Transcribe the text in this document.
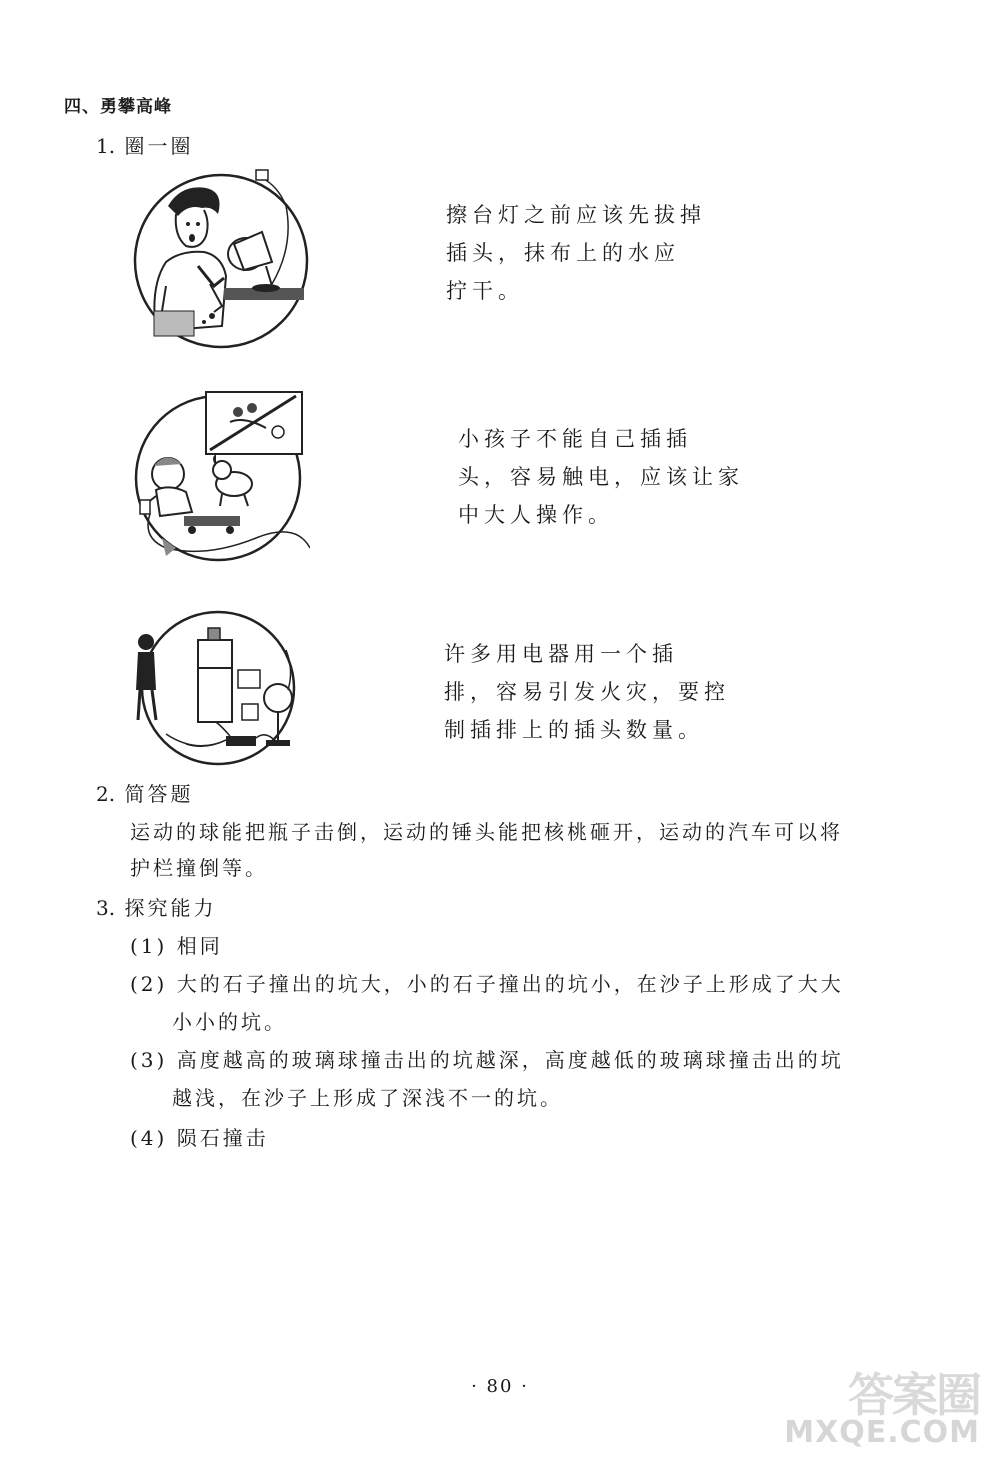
四、勇攀高峰
1. 圈一圈
擦台灯之前应该先拔掉
插头，抹布上的水应
拧干。
小孩子不能自己插插
头，容易触电，应该让家
中大人操作。
许多用电器用一个插
排，容易引发火灾，要控
制插排上的插头数量。
2. 简答题
运动的球能把瓶子击倒，运动的锤头能把核桃砸开，运动的汽车可以将
护栏撞倒等。
3. 探究能力
(1) 相同
(2) 大的石子撞出的坑大，小的石子撞出的坑小，在沙子上形成了大大
小小的坑。
(3) 高度越高的玻璃球撞击出的坑越深，高度越低的玻璃球撞击出的坑
越浅，在沙子上形成了深浅不一的坑。
(4) 陨石撞击
· 80 ·	答案圈
MXQE.COM
